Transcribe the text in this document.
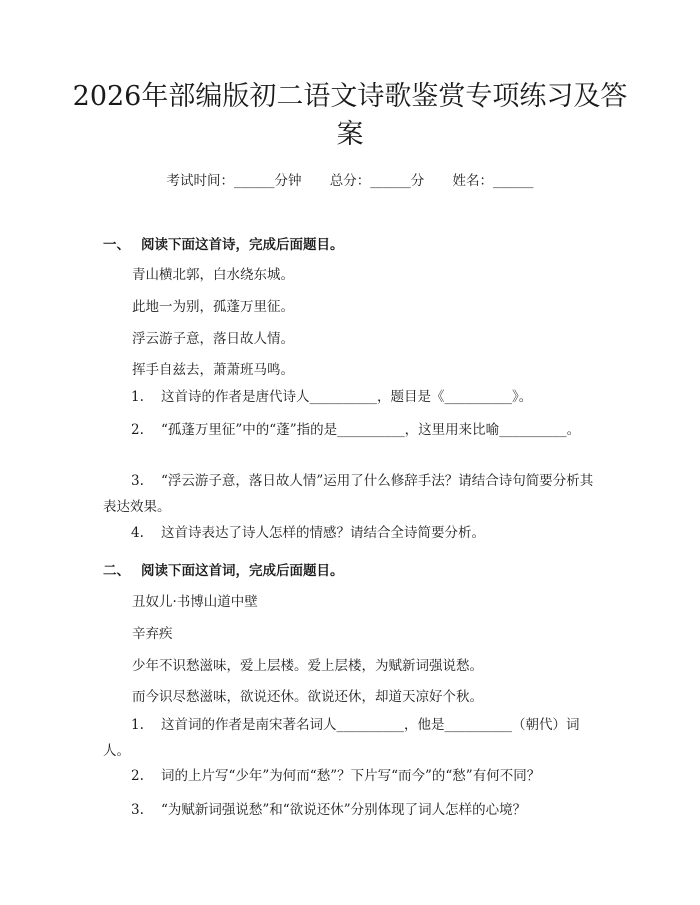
2026年部编版初二语文诗歌鉴赏专项练习及答案
考试时间：______分钟 总分：______分 姓名：______
一、 阅读下面这首诗，完成后面题目。
青山横北郭，白水绕东城。
此地一为别，孤蓬万里征。
浮云游子意，落日故人情。
挥手自兹去，萧萧班马鸣。
1. 这首诗的作者是唐代诗人__________，题目是《__________》。
2. “孤蓬万里征”中的“蓬”指的是__________，这里用来比喻__________。
3. “浮云游子意，落日故人情”运用了什么修辞手法？请结合诗句简要分析其表达效果。
4. 这首诗表达了诗人怎样的情感？请结合全诗简要分析。
二、 阅读下面这首词，完成后面题目。
丑奴儿·书博山道中壁
辛弃疾
少年不识愁滋味，爱上层楼。爱上层楼，为赋新词强说愁。
而今识尽愁滋味，欲说还休。欲说还休，却道天凉好个秋。
1. 这首词的作者是南宋著名词人__________，他是__________（朝代）词人。
2. 词的上片写“少年”为何而“愁”？下片写“而今”的“愁”有何不同？
3. “为赋新词强说愁”和“欲说还休”分别体现了词人怎样的心境？
